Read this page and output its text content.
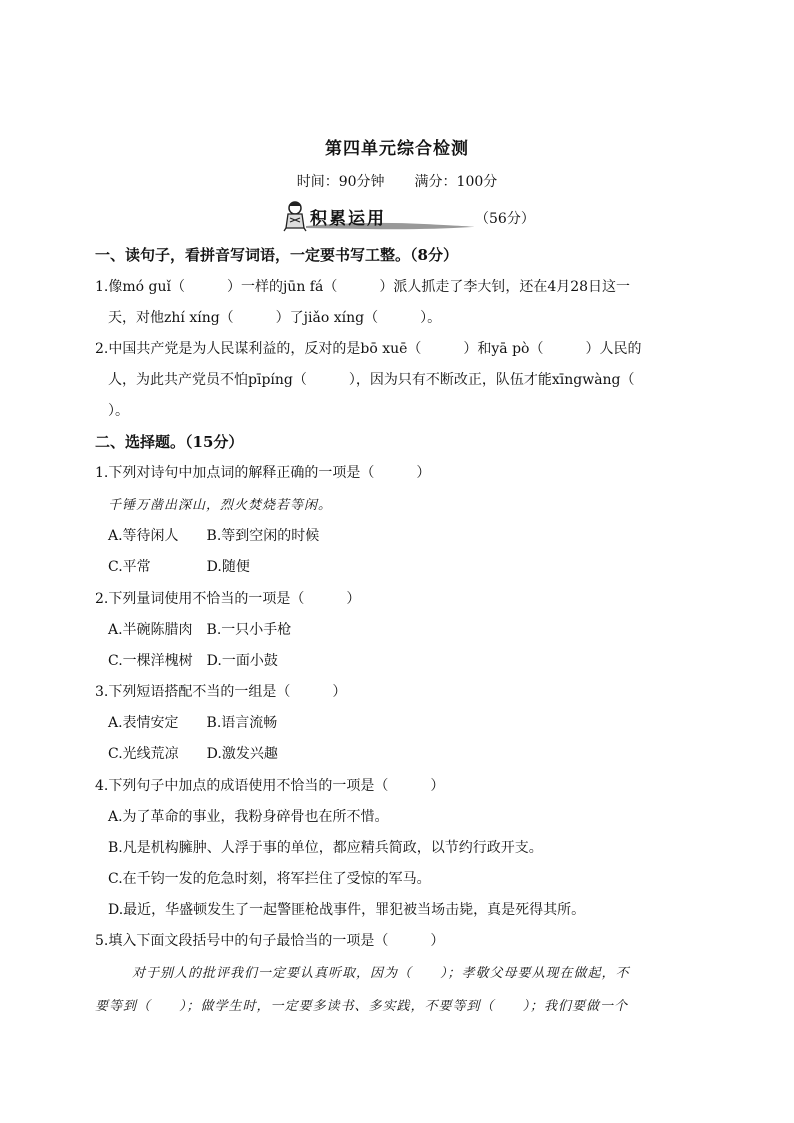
第四单元综合检测
时间：90分钟 满分：100分
积累运用	（56分）
一、读句子，看拼音写词语，一定要书写工整。（8分）
1.像mó guǐ（　　　）一样的jūn fá（　　　）派人抓走了李大钊，还在4月28日这一
天，对他zhí xíng（　　　）了jiǎo xíng（　　　）。
2.中国共产党是为人民谋利益的，反对的是bō xuē（　　　）和yā pò（　　　）人民的
人，为此共产党员不怕pīpíng（　　　），因为只有不断改正，队伍才能xīngwàng（
）。
二、选择题。（15分）
1.下列对诗句中加点词的解释正确的一项是（　　　）
千锤万凿出深山，烈火焚烧若等闲。
A.等待闲人　　B.等到空闲的时候
C.平常　　　　D.随便
2.下列量词使用不恰当的一项是（　　　）
A.半碗陈腊肉　B.一只小手枪
C.一棵洋槐树　D.一面小鼓
3.下列短语搭配不当的一组是（　　　）
A.表情安定　　B.语言流畅
C.光线荒凉　　D.激发兴趣
4.下列句子中加点的成语使用不恰当的一项是（　　　）
A.为了革命的事业，我粉身碎骨也在所不惜。
B.凡是机构臃肿、人浮于事的单位，都应精兵简政，以节约行政开支。
C.在千钧一发的危急时刻，将军拦住了受惊的军马。
D.最近，华盛顿发生了一起警匪枪战事件，罪犯被当场击毙，真是死得其所。
5.填入下面文段括号中的句子最恰当的一项是（　　　）
对于别人的批评我们一定要认真听取，因为（　　）；孝敬父母要从现在做起，不
要等到（　　）；做学生时，一定要多读书、多实践，不要等到（　　）；我们要做一个
